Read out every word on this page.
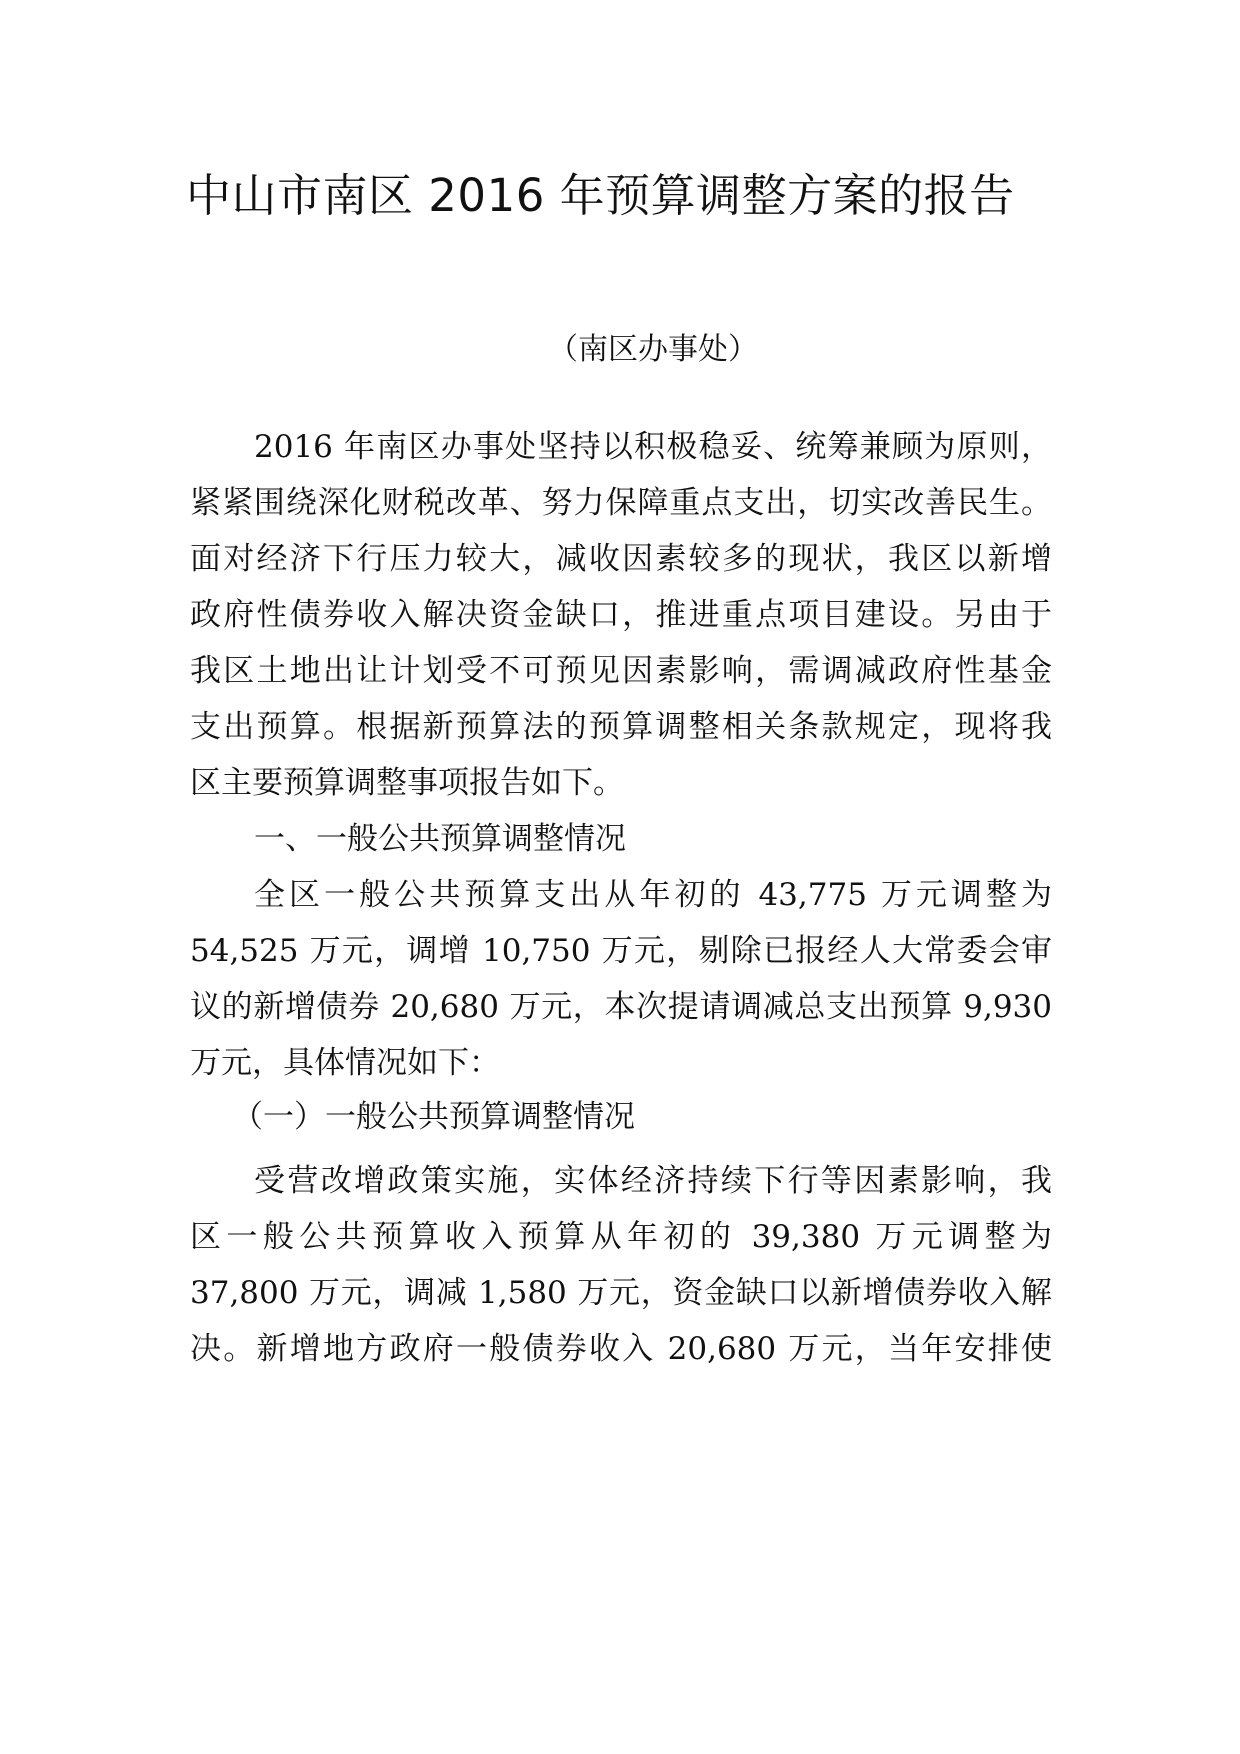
中山市南区 2016 年预算调整方案的报告
（南区办事处）
2016 年南区办事处坚持以积极稳妥、统筹兼顾为原则，
紧紧围绕深化财税改革、努力保障重点支出，切实改善民生。
面对经济下行压力较大，减收因素较多的现状，我区以新增
政府性债券收入解决资金缺口，推进重点项目建设。另由于
我区土地出让计划受不可预见因素影响，需调减政府性基金
支出预算。根据新预算法的预算调整相关条款规定，现将我
区主要预算调整事项报告如下。
一、一般公共预算调整情况
全区一般公共预算支出从年初的 43,775 万元调整为
54,525 万元，调增 10,750 万元，剔除已报经人大常委会审
议的新增债券 20,680 万元，本次提请调减总支出预算 9,930
万元，具体情况如下：
（一）一般公共预算调整情况
受营改增政策实施，实体经济持续下行等因素影响，我
区一般公共预算收入预算从年初的 39,380 万元调整为
37,800 万元，调减 1,580 万元，资金缺口以新增债券收入解
决。新增地方政府一般债券收入 20,680 万元，当年安排使
